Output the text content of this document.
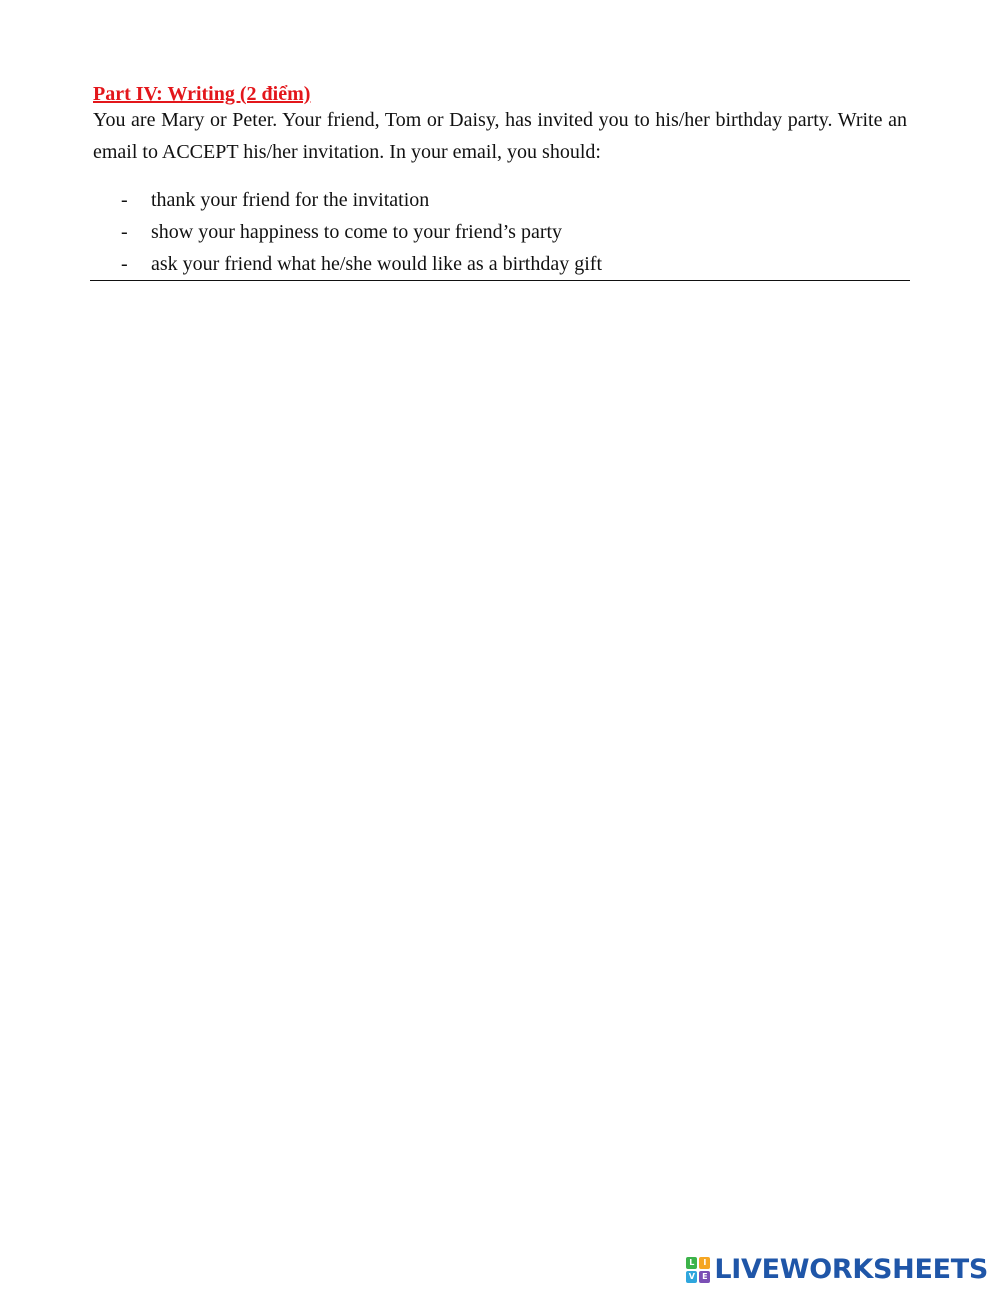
Part IV: Writing (2 điểm)
You are Mary or Peter. Your friend, Tom or Daisy, has invited you to his/her birthday party. Write an email to ACCEPT his/her invitation. In your email, you should:
- thank your friend for the invitation
- show your happiness to come to your friend’s party
- ask your friend what he/she would like as a birthday gift
L	I
V E LIVEWORKSHEETS
